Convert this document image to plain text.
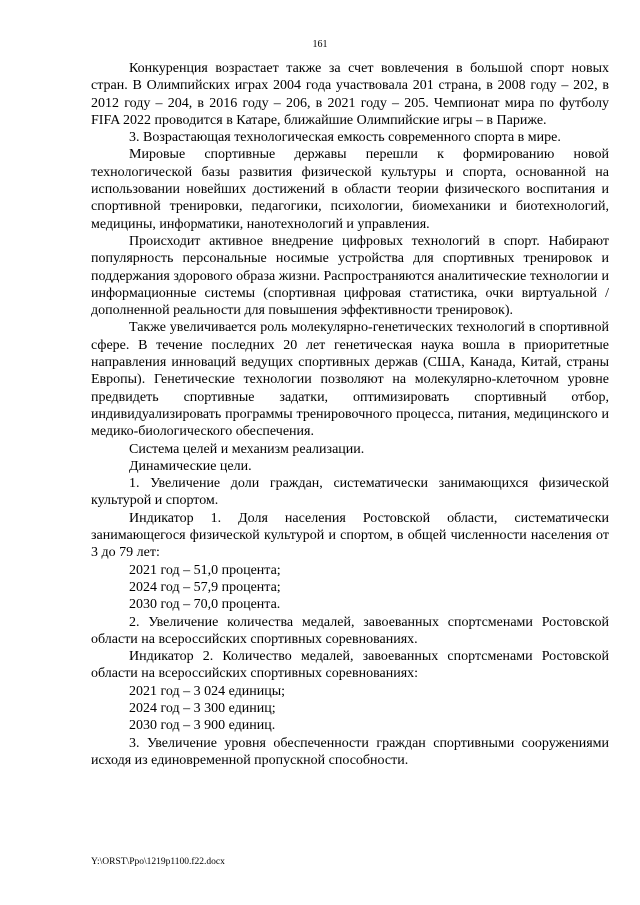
161

Конкуренция возрастает также за счет вовлечения в большой спорт новых стран. В Олимпийских играх 2004 года участвовала 201 страна, в 2008 году – 202, в 2012 году – 204, в 2016 году – 206, в 2021 году – 205. Чемпионат мира по футболу FIFA 2022 проводится в Катаре, ближайшие Олимпийские игры – в Париже.

3. Возрастающая технологическая емкость современного спорта в мире.

Мировые спортивные державы перешли к формированию новой технологической базы развития физической культуры и спорта, основанной на использовании новейших достижений в области теории физического воспитания и спортивной тренировки, педагогики, психологии, биомеханики и биотехнологий, медицины, информатики, нанотехнологий и управления.

Происходит активное внедрение цифровых технологий в спорт. Набирают популярность персональные носимые устройства для спортивных тренировок и поддержания здорового образа жизни. Распространяются аналитические технологии и информационные системы (спортивная цифровая статистика, очки виртуальной / дополненной реальности для повышения эффективности тренировок).

Также увеличивается роль молекулярно-генетических технологий в спортивной сфере. В течение последних 20 лет генетическая наука вошла в приоритетные направления инноваций ведущих спортивных держав (США, Канада, Китай, страны Европы). Генетические технологии позволяют на молекулярно-клеточном уровне предвидеть спортивные задатки, оптимизировать спортивный отбор, индивидуализировать программы тренировочного процесса, питания, медицинского и медико-биологического обеспечения.

Система целей и механизм реализации.

Динамические цели.

1. Увеличение доли граждан, систематически занимающихся физической культурой и спортом.

Индикатор 1. Доля населения Ростовской области, систематически занимающегося физической культурой и спортом, в общей численности населения от 3 до 79 лет:

2021 год – 51,0 процента;

2024 год – 57,9 процента;

2030 год – 70,0 процента.

2. Увеличение количества медалей, завоеванных спортсменами Ростовской области на всероссийских спортивных соревнованиях.

Индикатор 2. Количество медалей, завоеванных спортсменами Ростовской области на всероссийских спортивных соревнованиях:

2021 год – 3 024 единицы;

2024 год – 3 300 единиц;

2030 год – 3 900 единиц.

3. Увеличение уровня обеспеченности граждан спортивными сооружениями исходя из единовременной пропускной способности.

Y:\ORST\Ppo\1219p1100.f22.docx
